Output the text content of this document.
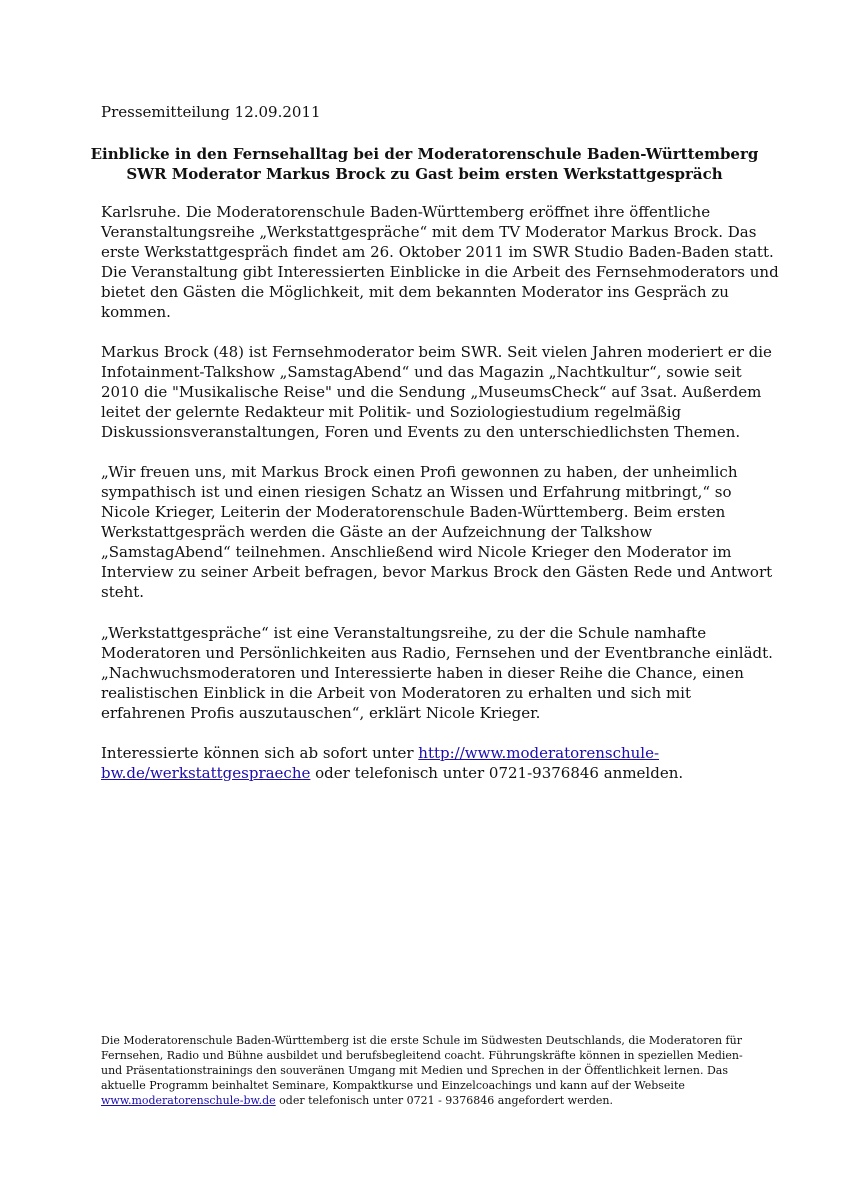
Pressemitteilung 12.09.2011
Einblicke in den Fernsehalltag bei der Moderatorenschule Baden-Württemberg
SWR Moderator Markus Brock zu Gast beim ersten Werkstattgespräch
Karlsruhe. Die Moderatorenschule Baden-Württemberg eröffnet ihre öffentliche
Veranstaltungsreihe „Werkstattgespräche“ mit dem TV Moderator Markus Brock. Das
erste Werkstattgespräch findet am 26. Oktober 2011 im SWR Studio Baden-Baden statt.
Die Veranstaltung gibt Interessierten Einblicke in die Arbeit des Fernsehmoderators und
bietet den Gästen die Möglichkeit, mit dem bekannten Moderator ins Gespräch zu
kommen.
Markus Brock (48) ist Fernsehmoderator beim SWR. Seit vielen Jahren moderiert er die
Infotainment-Talkshow „SamstagAbend“ und das Magazin „Nachtkultur“, sowie seit
2010 die "Musikalische Reise" und die Sendung „MuseumsCheck“ auf 3sat. Außerdem
leitet der gelernte Redakteur mit Politik- und Soziologiestudium regelmäßig
Diskussionsveranstaltungen, Foren und Events zu den unterschiedlichsten Themen.
„Wir freuen uns, mit Markus Brock einen Profi gewonnen zu haben, der unheimlich
sympathisch ist und einen riesigen Schatz an Wissen und Erfahrung mitbringt,“ so
Nicole Krieger, Leiterin der Moderatorenschule Baden-Württemberg. Beim ersten
Werkstattgespräch werden die Gäste an der Aufzeichnung der Talkshow
„SamstagAbend“ teilnehmen. Anschließend wird Nicole Krieger den Moderator im
Interview zu seiner Arbeit befragen, bevor Markus Brock den Gästen Rede und Antwort
steht.
„Werkstattgespräche“ ist eine Veranstaltungsreihe, zu der die Schule namhafte
Moderatoren und Persönlichkeiten aus Radio, Fernsehen und der Eventbranche einlädt.
„Nachwuchsmoderatoren und Interessierte haben in dieser Reihe die Chance, einen
realistischen Einblick in die Arbeit von Moderatoren zu erhalten und sich mit
erfahrenen Profis auszutauschen“, erklärt Nicole Krieger.
Interessierte können sich ab sofort unter http://www.moderatorenschule-
bw.de/werkstattgespraeche oder telefonisch unter 0721-9376846 anmelden.
Die Moderatorenschule Baden-Württemberg ist die erste Schule im Südwesten Deutschlands, die Moderatoren für
Fernsehen, Radio und Bühne ausbildet und berufsbegleitend coacht. Führungskräfte können in speziellen Medien-
und Präsentationstrainings den souveränen Umgang mit Medien und Sprechen in der Öffentlichkeit lernen. Das
aktuelle Programm beinhaltet Seminare, Kompaktkurse und Einzelcoachings und kann auf der Webseite
www.moderatorenschule-bw.de oder telefonisch unter 0721 - 9376846 angefordert werden.
